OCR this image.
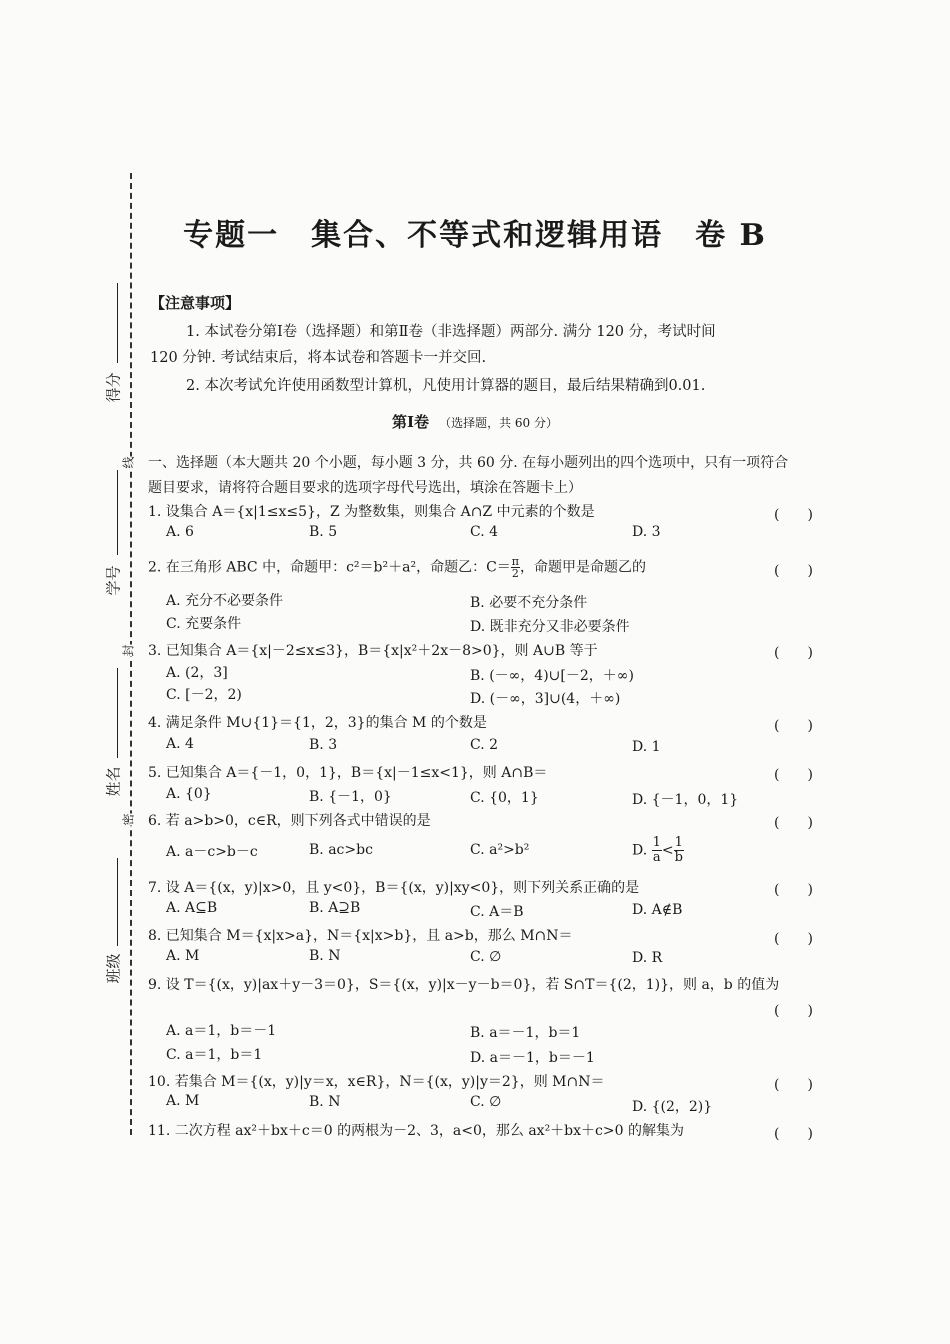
得分
学号
姓名
班级
线
封
密
专题一　集合、不等式和逻辑用语　卷 B
【注意事项】
1. 本试卷分第Ⅰ卷（选择题）和第Ⅱ卷（非选择题）两部分. 满分 120 分，考试时间
120 分钟. 考试结束后，将本试卷和答题卡一并交回.
2. 本次考试允许使用函数型计算机，凡使用计算器的题目，最后结果精确到0.01.
第Ⅰ卷 （选择题，共 60 分）
一、选择题（本大题共 20 个小题，每小题 3 分，共 60 分. 在每小题列出的四个选项中，只有一项符合
题目要求，请将符合题目要求的选项字母代号选出，填涂在答题卡上）
1. 设集合 A＝{x|1≤x≤5}，Z 为整数集，则集合 A∩Z 中元素的个数是	(　　)
A. 6	B. 5	C. 4	D. 3
2. 在三角形 ABC 中，命题甲：c²＝b²＋a²，命题乙：$C= \frac{\pi}{2}$ ，命题甲是命题乙的	(　　)
A. 充分不必要条件	B. 必要不充分条件
C. 充要条件	D. 既非充分又非必要条件
3. 已知集合 A＝{x|－2≤x≤3}，B＝{x|x²＋2x－8>0}，则 A∪B 等于	(　　)
A. (2，3]	B. (－∞，4)∪[－2，＋∞)
C. [－2，2)	D. (－∞，3]∪(4，＋∞)
4. 满足条件 M∪{1}＝{1，2，3}的集合 M 的个数是	(　　)
A. 4	B. 3	C. 2	D. 1
5. 已知集合 A＝{－1，0，1}，B＝{x|－1≤x<1}，则 A∩B＝	(　　)
A. {0}	B. {－1，0}	C. {0，1}	D. {－1，0，1}
6. 若 a>b>0，c∈R，则下列各式中错误的是	(　　)
A. a－c>b－c	B. ac>bc	C. a²>b²	D. $\frac{1}{a} < \frac{1}{b}$
7. 设 A＝{(x，y)|x>0，且 y<0}，B＝{(x，y)|xy<0}，则下列关系正确的是	(　　)
A. A⊆B	B. A⊇B	C. A＝B	D. A∉B
8. 已知集合 M＝{x|x>a}，N＝{x|x>b}，且 a>b，那么 M∩N＝	(　　)
A. M	B. N	C. ∅	D. R
9. 设 T＝{(x，y)|ax＋y－3＝0}，S＝{(x，y)|x－y－b＝0}，若 S∩T＝{(2，1)}，则 a，b 的值为
(　　)
A. a＝1，b＝－1	B. a＝－1，b＝1
C. a＝1，b＝1	D. a＝－1，b＝－1
10. 若集合 M＝{(x，y)|y＝x，x∈R}，N＝{(x，y)|y＝2}，则 M∩N＝	(　　)
A. M	B. N	C. ∅	D. {(2，2)}
11. 二次方程 ax²＋bx＋c＝0 的两根为－2、3，a<0，那么 ax²＋bx＋c>0 的解集为	(　　)
